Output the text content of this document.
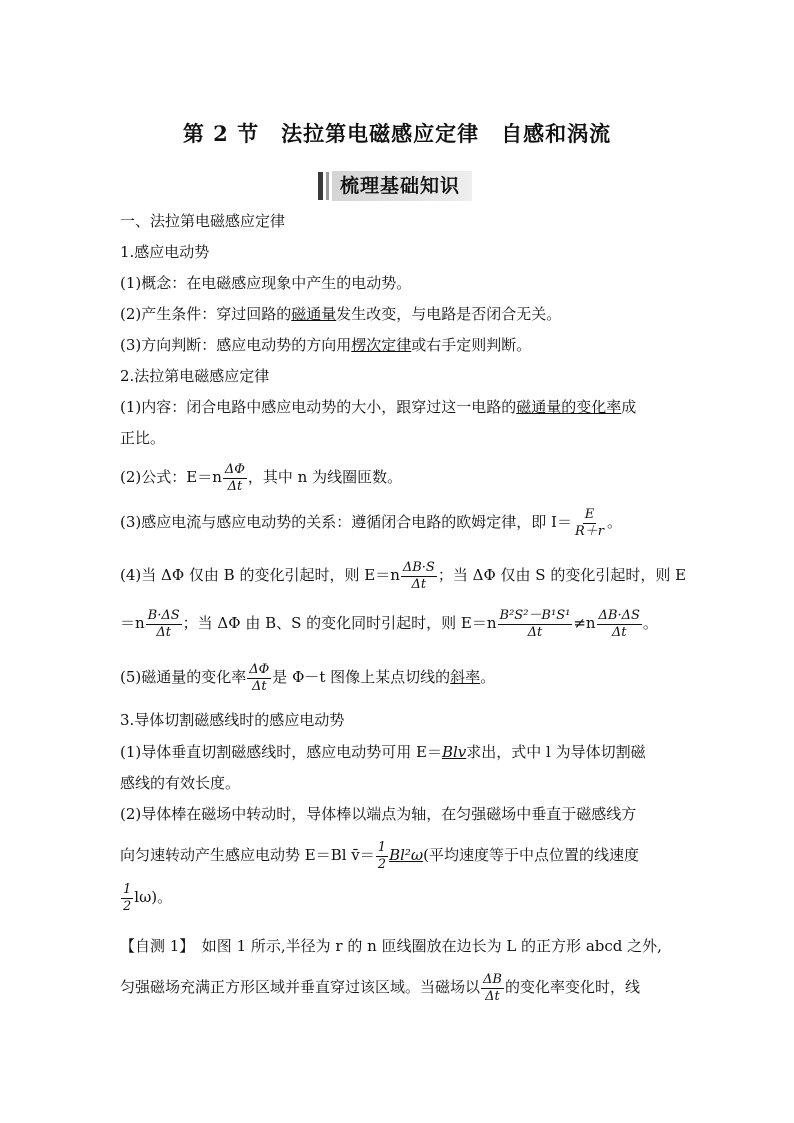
第 2 节　法拉第电磁感应定律　自感和涡流
梳理基础知识
一、法拉第电磁感应定律
1.感应电动势
(1)概念：在电磁感应现象中产生的电动势。
(2)产生条件：穿过回路的磁通量发生改变，与电路是否闭合无关。
(3)方向判断：感应电动势的方向用楞次定律或右手定则判断。
2.法拉第电磁感应定律
(1)内容：闭合电路中感应电动势的大小，跟穿过这一电路的磁通量的变化率成
正比。
(2)公式：$E=n \frac{\Delta\Phi}{\Delta t}$ ，其中 n 为线圈匝数。
(3)感应电流与感应电动势的关系：遵循闭合电路的欧姆定律，即 $I= \frac{E}{R+r}$ 。
(4)当 ΔΦ 仅由 B 的变化引起时，则 $E=n \frac{\Delta B\cdot S}{\Delta t}$ ；当 ΔΦ 仅由 S 的变化引起时，则 E
$=n \frac{B\cdot\Delta S}{\Delta t}$ ；当 ΔΦ 由 B、S 的变化同时引起时，则 $E=n \frac{\text{B²S²－B¹S¹}}{\Delta t} \ne n \frac{\Delta B\cdot\Delta S}{\Delta t}$ 。
(5)磁通量的变化率 $\frac{\Delta\Phi}{\Delta t}$ 是 Φ－t 图像上某点切线的斜率。
3.导体切割磁感线时的感应电动势
(1)导体垂直切割磁感线时，感应电动势可用 E＝Blv求出，式中 l 为导体切割磁
感线的有效长度。
(2)导体棒在磁场中转动时，导体棒以端点为轴，在匀强磁场中垂直于磁感线方
向匀速转动产生感应电动势 E＝Bl v̄＝ $\frac{1}{2} Bl^2\omega$(平均速度等于中点位置的线速度
$\frac{1}{2} l\omega$)。
【自测 1】　如图 1 所示,半径为 r 的 n 匝线圈放在边长为 L 的正方形 abcd 之外,
匀强磁场充满正方形区域并垂直穿过该区域。当磁场以 $\frac{\Delta B}{\Delta t}$ 的变化率变化时，线
